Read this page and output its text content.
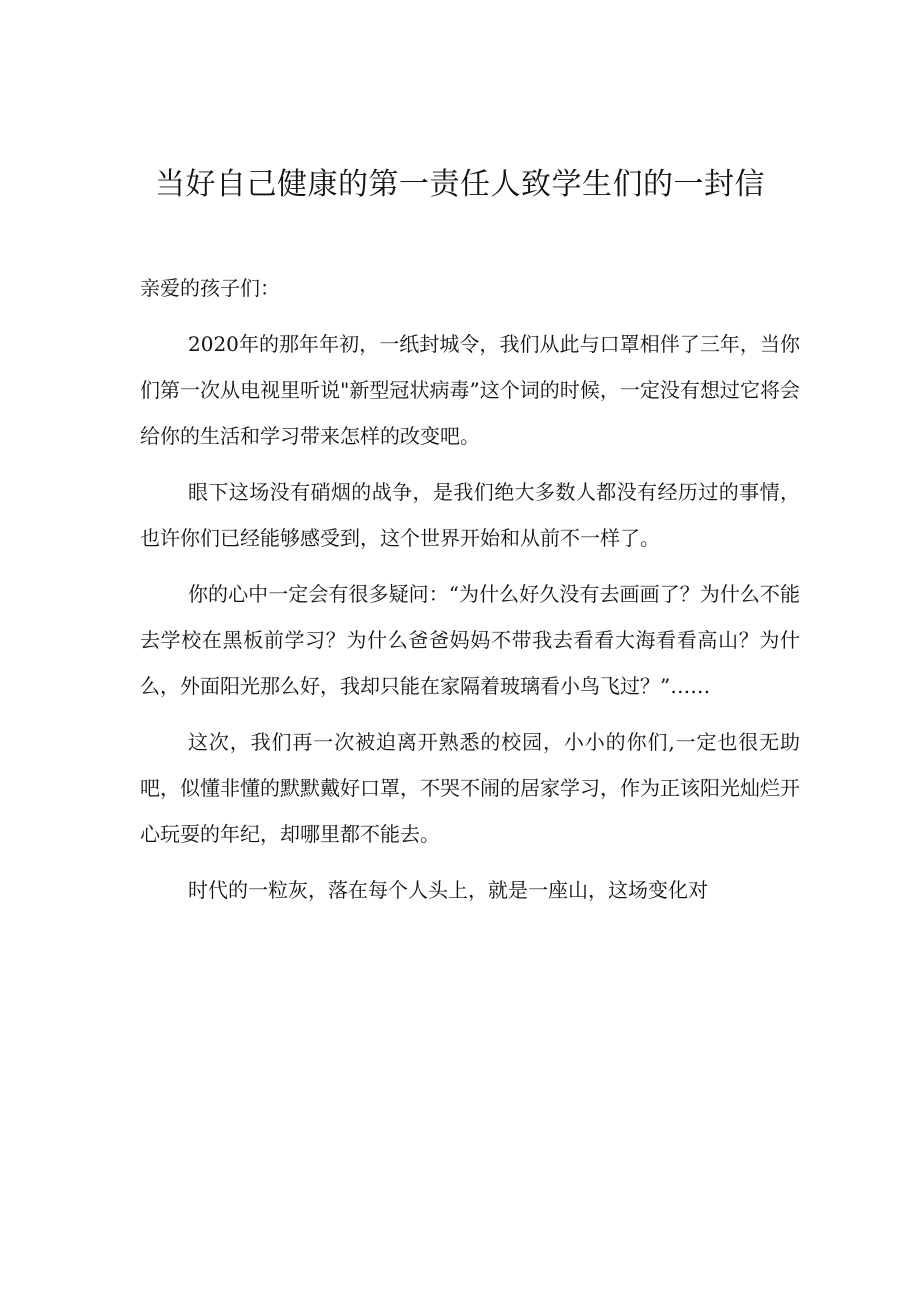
当好自己健康的第一责任人致学生们的一封信

亲爱的孩子们：

2020年的那年年初，一纸封城令，我们从此与口罩相伴了三年，当你们第一次从电视里听说"新型冠状病毒”这个词的时候，一定没有想过它将会给你的生活和学习带来怎样的改变吧。

眼下这场没有硝烟的战争，是我们绝大多数人都没有经历过的事情，也许你们已经能够感受到，这个世界开始和从前不一样了。

你的心中一定会有很多疑问：“为什么好久没有去画画了？为什么不能去学校在黑板前学习？为什么爸爸妈妈不带我去看看大海看看高山？为什么，外面阳光那么好，我却只能在家隔着玻璃看小鸟飞过？”……

这次，我们再一次被迫离开熟悉的校园，小小的你们,一定也很无助吧，似懂非懂的默默戴好口罩，不哭不闹的居家学习，作为正该阳光灿烂开心玩耍的年纪，却哪里都不能去。

时代的一粒灰，落在每个人头上，就是一座山，这场变化对
